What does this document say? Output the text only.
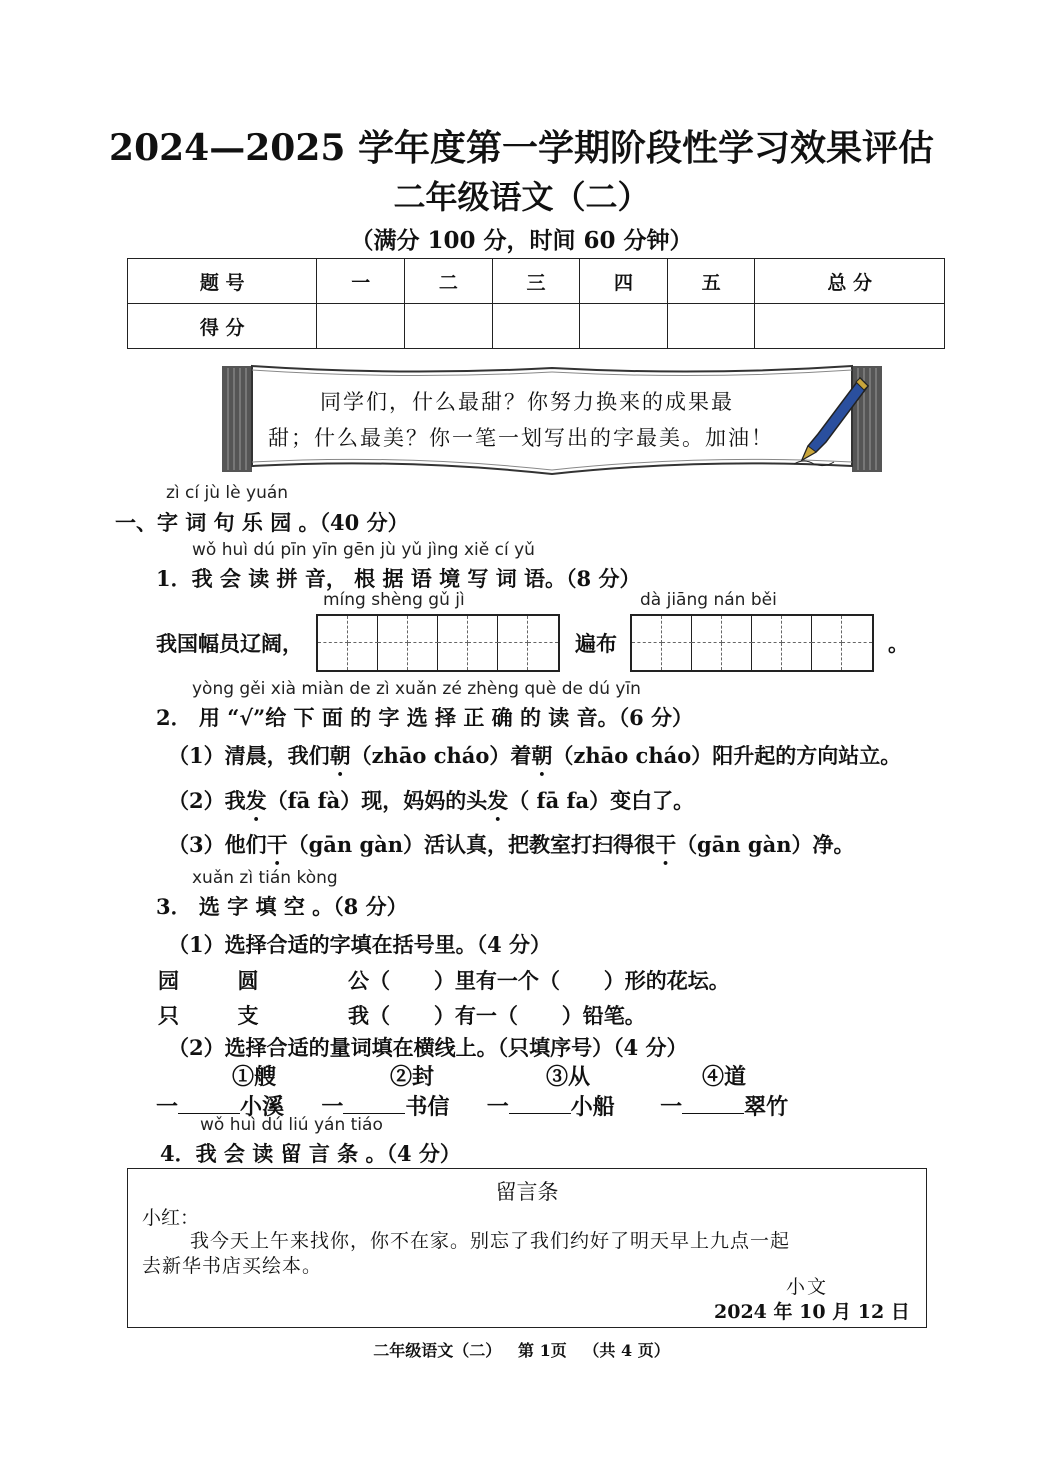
2024—2025 学年度第一学期阶段性学习效果评估
二年级语文（二）
（满分 100 分，时间 60 分钟）
题 号	一	二	三	四	五	总 分
得 分						
同学们，什么最甜？你努力换来的成果最
甜；什么最美？你一笔一划写出的字最美。加油！
zì cí jù lè yuán
一、字 词 句 乐 园 。（40 分）
wǒ huì dú pīn yīn gēn jù yǔ jìng xiě cí yǔ
1．我 会 读 拼 音， 根 据 语 境 写 词 语。（8 分）
míng shèng gǔ jì	dà jiāng nán běi
我国幅员辽阔，	遍布	。
yòng gěi xià miàn de zì xuǎn zé zhèng què de dú yīn
2． 用 “√”给 下 面 的 字 选 择 正 确 的 读 音。（6 分）
（1）清晨，我们朝（zhāo cháo）着朝（zhāo cháo）阳升起的方向站立。
（2）我发（fā fà）现，妈妈的头发（ fā fa）变白了。
（3）他们干（gān gàn）活认真，把教室打扫得很干（gān gàn）净。
xuǎn zì tián kòng
3． 选 字 填 空 。（8 分）
（1）选择合适的字填在括号里。（4 分）
园        圆	公（      ）里有一个（      ）形的花坛。
只        支	我（      ）有一（      ）铅笔。
（2）选择合适的量词填在横线上。（只填序号）（4 分）
①艘	②封	③从	④道
一	小溪 一	书信 一	小船 一	翠竹
wǒ huì dú liú yán tiáo
4．我 会 读 留 言 条 。（4 分）
留言条
小红：
我今天上午来找你，你不在家。别忘了我们约好了明天早上九点一起
去新华书店买绘本。
小文
2024 年 10 月 12 日
二年级语文（二）   第 1页   （共 4 页）
